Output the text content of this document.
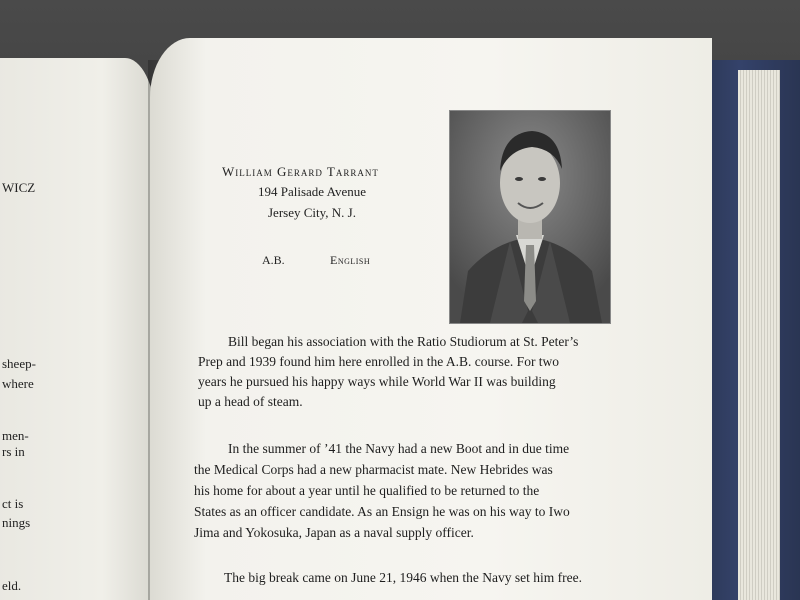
WICZ
sheep-
where
men-
rs in
ct is
nings
eld.
William Gerard Tarrant
194 Palisade Avenue
Jersey City, N. J.
A.B.	English
Bill began his association with the Ratio Studiorum at St. Peter’s
Prep and 1939 found him here enrolled in the A.B. course. For two
years he pursued his happy ways while World War II was building
up a head of steam.
In the summer of ’41 the Navy had a new Boot and in due time
the Medical Corps had a new pharmacist mate. New Hebrides was
his home for about a year until he qualified to be returned to the
States as an officer candidate. As an Ensign he was on his way to Iwo
Jima and Yokosuka, Japan as a naval supply officer.
The big break came on June 21, 1946 when the Navy set him free.
